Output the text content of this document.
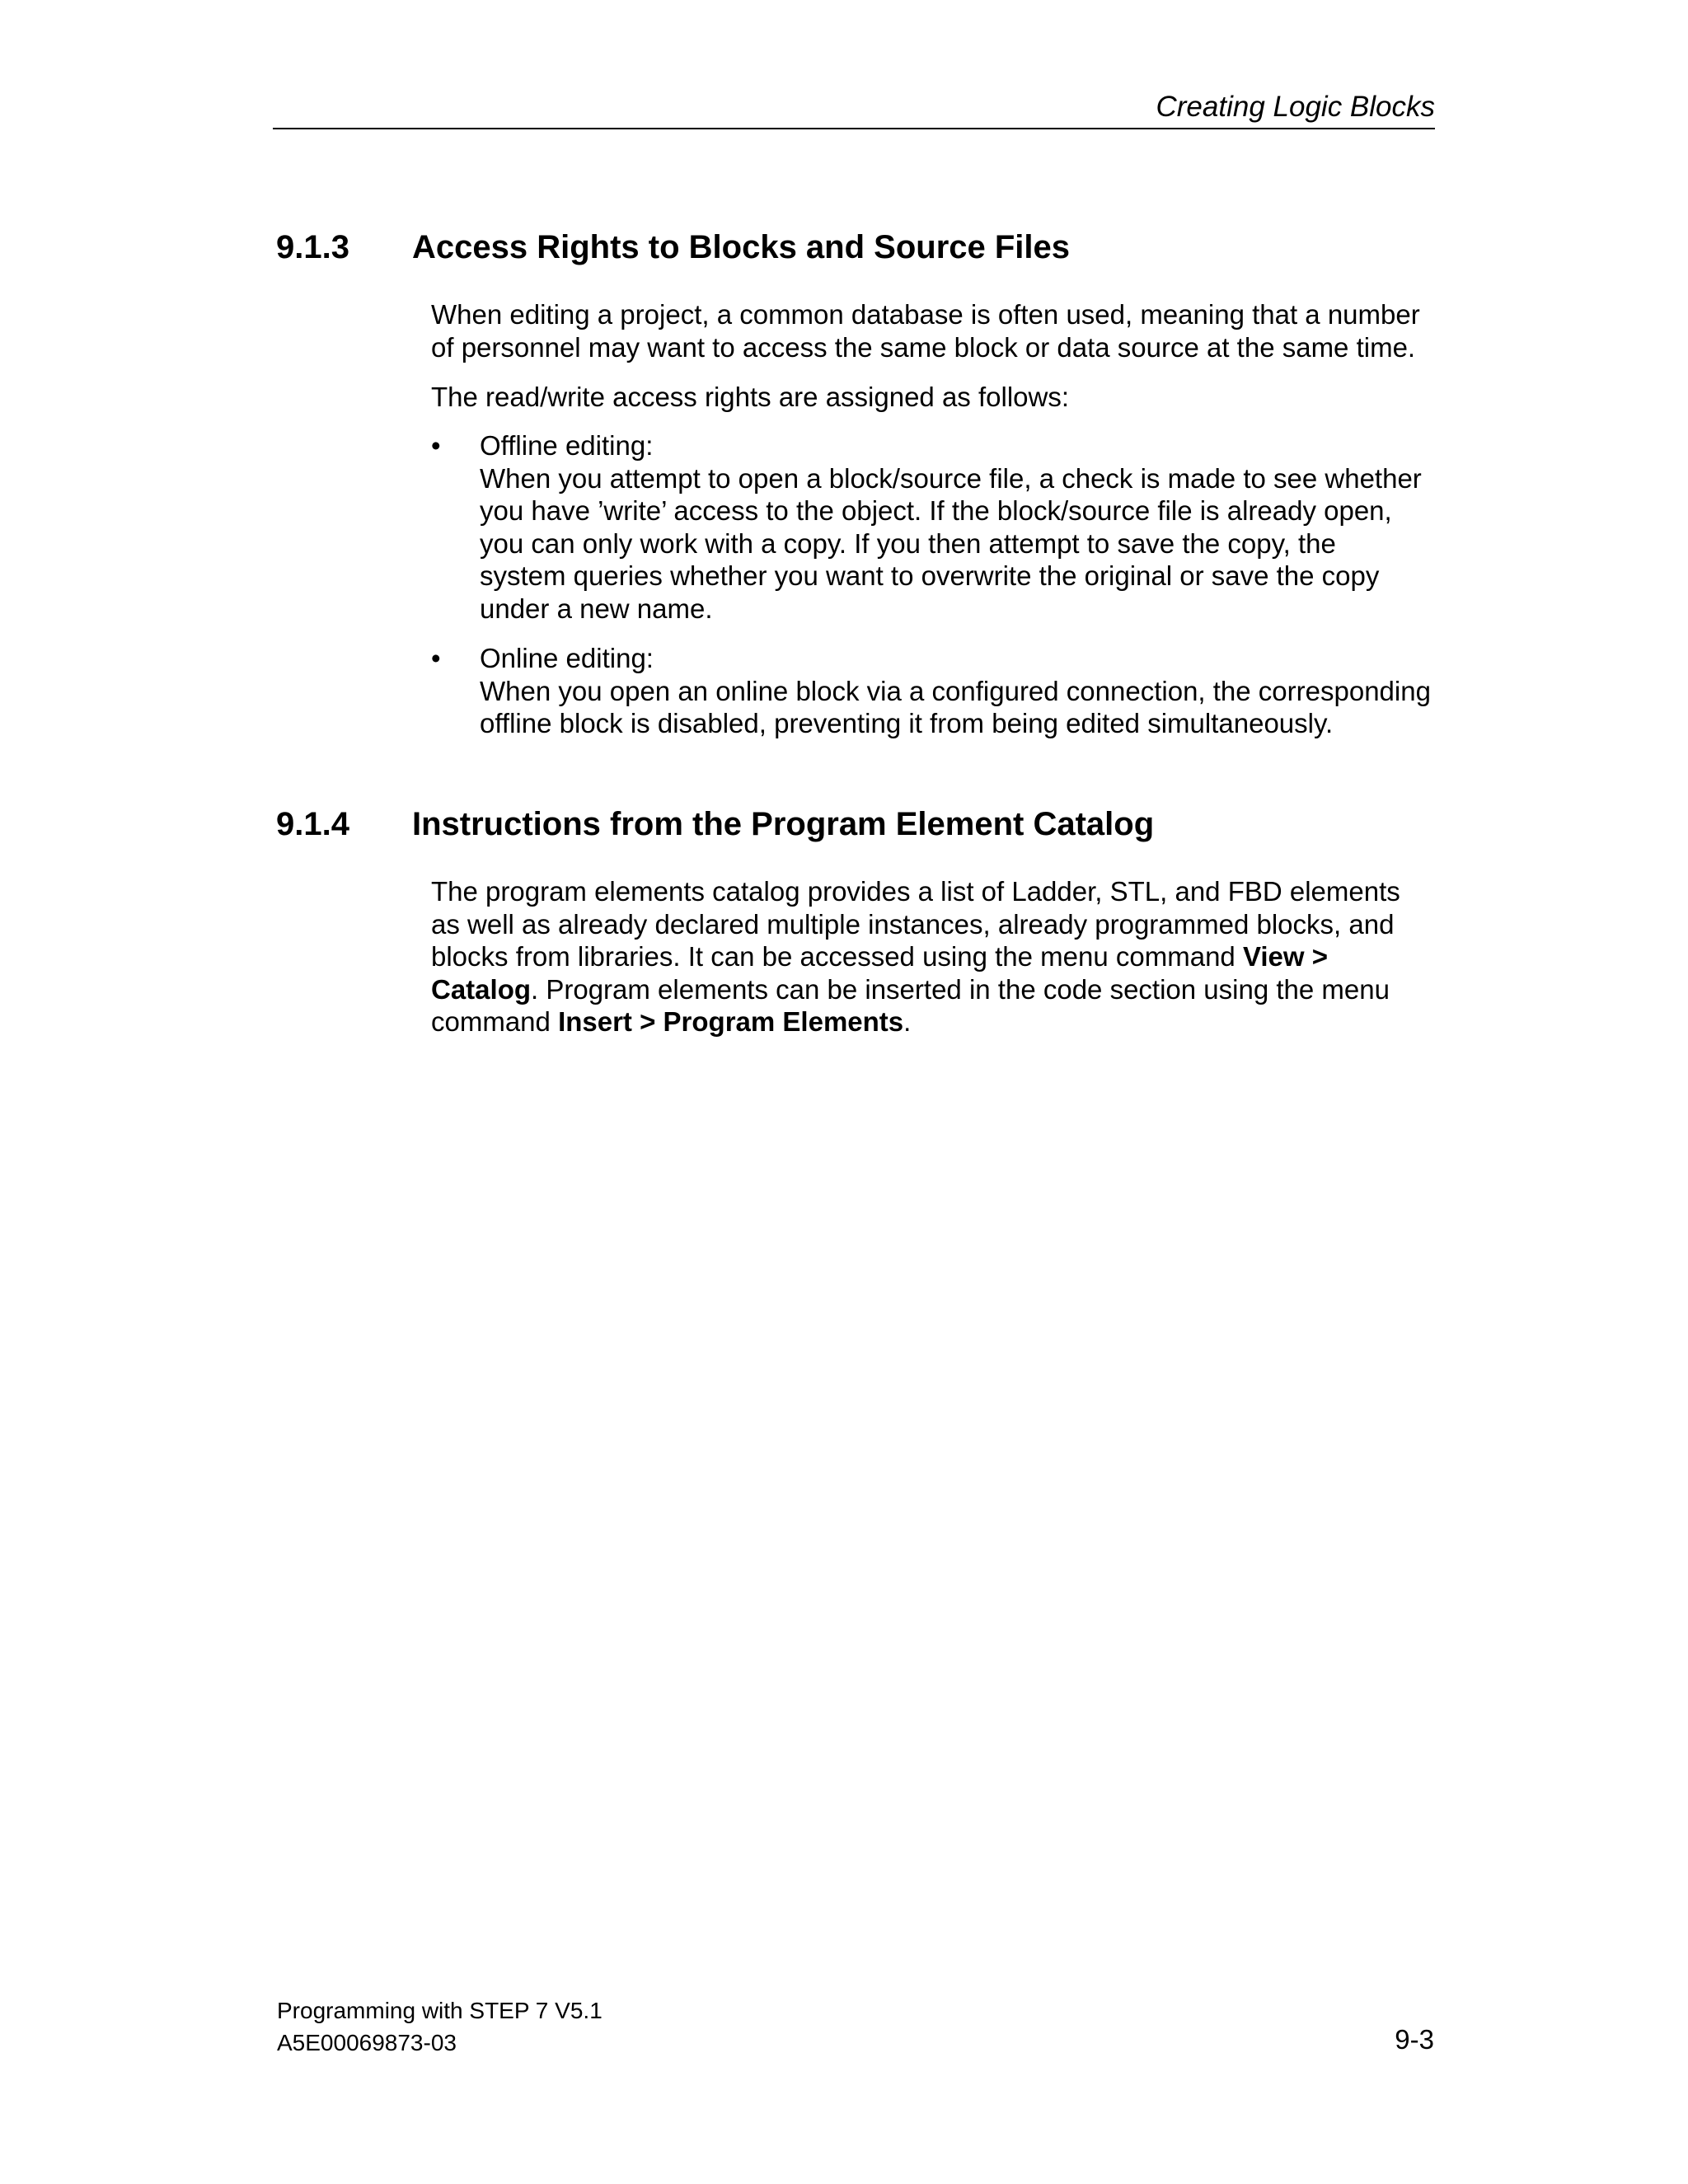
Creating Logic Blocks
9.1.3 Access Rights to Blocks and Source Files

When editing a project, a common database is often used, meaning that a number

of personnel may want to access the same block or data source at the same time.

The read/write access rights are assigned as follows:

• Offline editing:
When you attempt to open a block/source file, a check is made to see whether
you have ’write’ access to the object. If the block/source file is already open,
you can only work with a copy. If you then attempt to save the copy, the
system queries whether you want to overwrite the original or save the copy
under a new name.
• Online editing:
When you open an online block via a configured connection, the corresponding
offline block is disabled, preventing it from being edited simultaneously.
9.1.4 Instructions from the Program Element Catalog

The program elements catalog provides a list of Ladder, STL, and FBD elements

as well as already declared multiple instances, already programmed blocks, and

blocks from libraries. It can be accessed using the menu command View >

Catalog. Program elements can be inserted in the code section using the menu

command Insert > Program Elements.

Programming with STEP 7 V5.1
A5E00069873-03	9-3
